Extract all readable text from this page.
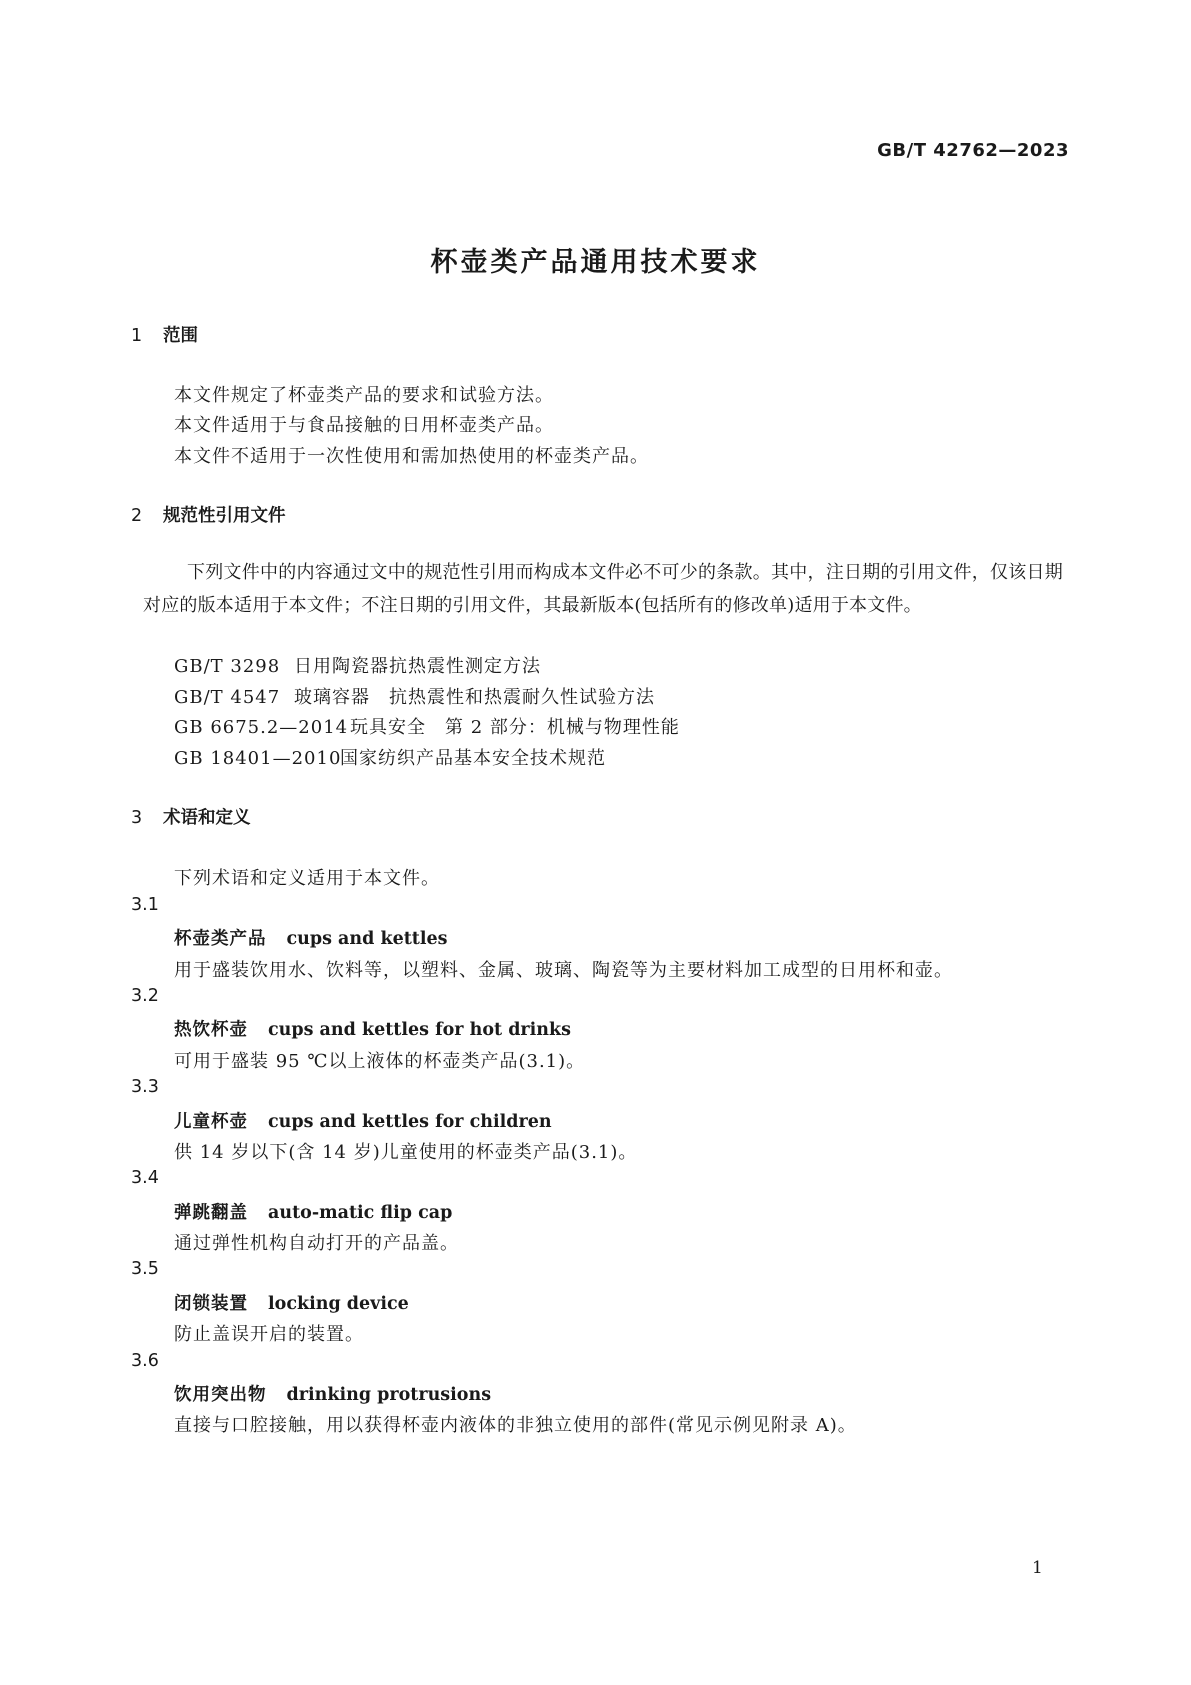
GB/T 42762—2023
杯壶类产品通用技术要求
1 范围
本文件规定了杯壶类产品的要求和试验方法。
本文件适用于与食品接触的日用杯壶类产品。
本文件不适用于一次性使用和需加热使用的杯壶类产品。
2 规范性引用文件
下列文件中的内容通过文中的规范性引用而构成本文件必不可少的条款。其中，注日期的引用文件，仅该日期对应的版本适用于本文件；不注日期的引用文件，其最新版本(包括所有的修改单)适用于本文件。
GB/T 3298 日用陶瓷器抗热震性测定方法
GB/T 4547 玻璃容器　抗热震性和热震耐久性试验方法
GB 6675.2—2014 玩具安全　第 2 部分：机械与物理性能
GB 18401—2010国家纺织产品基本安全技术规范
3 术语和定义
下列术语和定义适用于本文件。
3.1
杯壶类产品 cups and kettles
用于盛装饮用水、饮料等，以塑料、金属、玻璃、陶瓷等为主要材料加工成型的日用杯和壶。
3.2
热饮杯壶 cups and kettles for hot drinks
可用于盛装 95 ℃以上液体的杯壶类产品(3.1)。
3.3
儿童杯壶 cups and kettles for children
供 14 岁以下(含 14 岁)儿童使用的杯壶类产品(3.1)。
3.4
弹跳翻盖 auto-matic flip cap
通过弹性机构自动打开的产品盖。
3.5
闭锁装置 locking device
防止盖误开启的装置。
3.6
饮用突出物 drinking protrusions
直接与口腔接触，用以获得杯壶内液体的非独立使用的部件(常见示例见附录 A)。
1
